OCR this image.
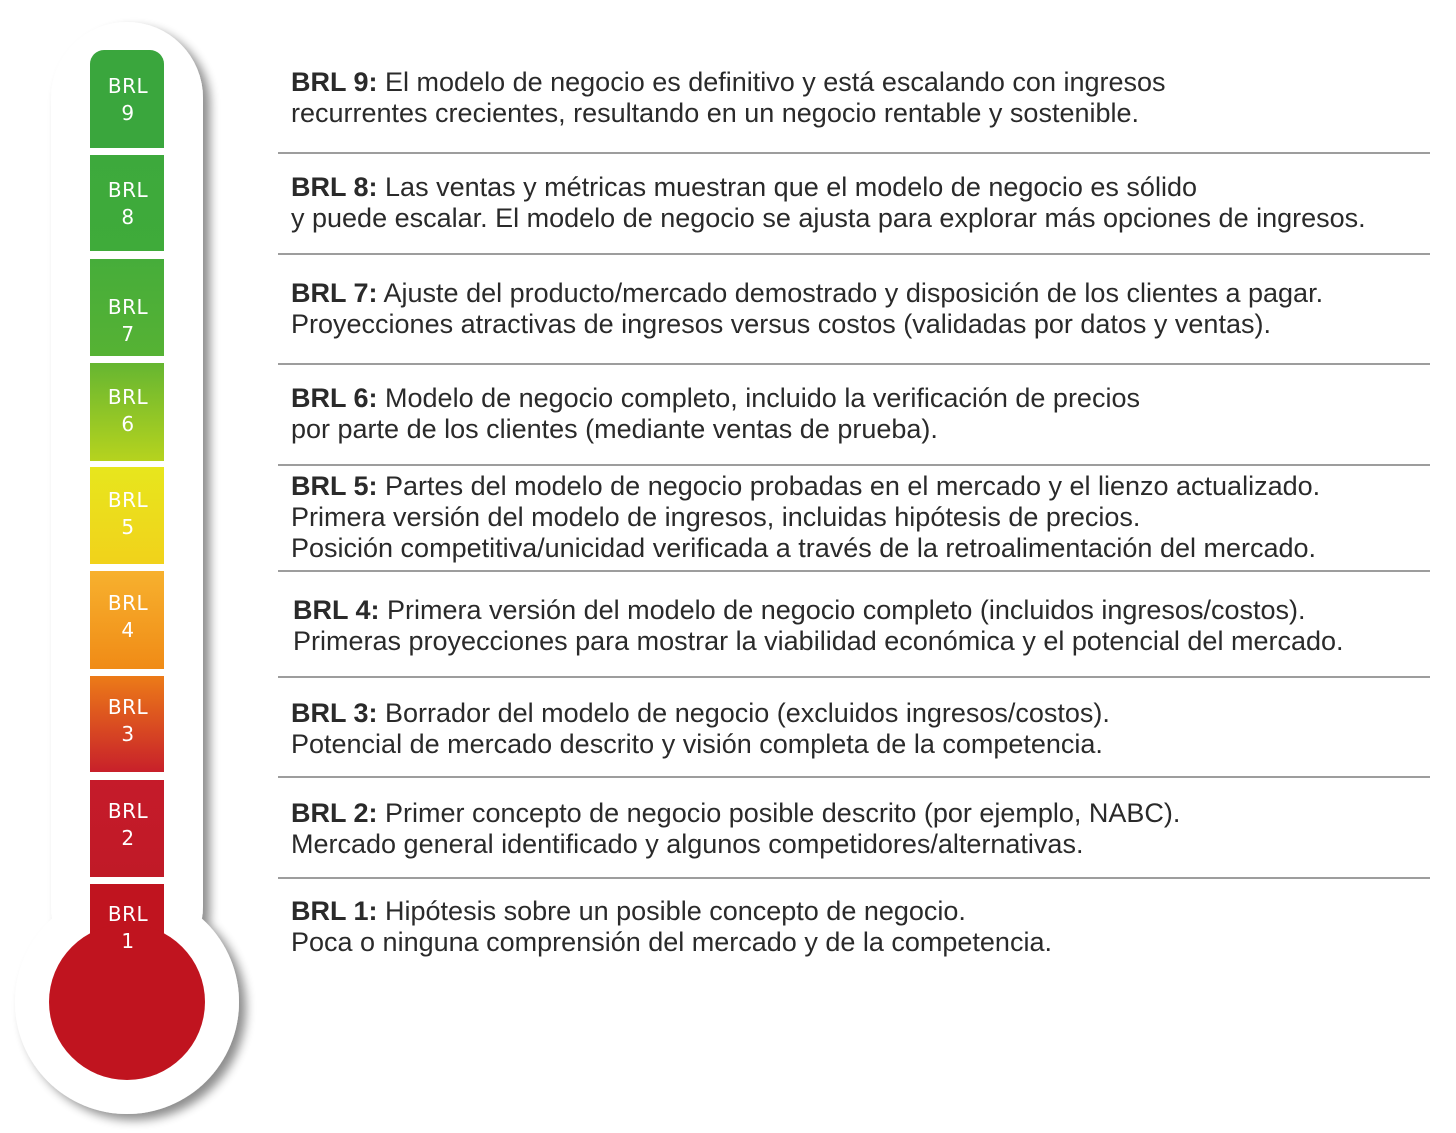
BRL
9
BRL
8
BRL
7
BRL
6
BRL
5
BRL
4
BRL
3
BRL
2
BRL
1
BRL 9: El modelo de negocio es definitivo y está escalando con ingresos
recurrentes crecientes, resultando en un negocio rentable y sostenible.
BRL 8: Las ventas y métricas muestran que el modelo de negocio es sólido
y puede escalar. El modelo de negocio se ajusta para explorar más opciones de ingresos.
BRL 7: Ajuste del producto/mercado demostrado y disposición de los clientes a pagar.
Proyecciones atractivas de ingresos versus costos (validadas por datos y ventas).
BRL 6: Modelo de negocio completo, incluido la verificación de precios
por parte de los clientes (mediante ventas de prueba).
BRL 5: Partes del modelo de negocio probadas en el mercado y el lienzo actualizado.
Primera versión del modelo de ingresos, incluidas hipótesis de precios.
Posición competitiva/unicidad verificada a través de la retroalimentación del mercado.
BRL 4: Primera versión del modelo de negocio completo (incluidos ingresos/costos).
Primeras proyecciones para mostrar la viabilidad económica y el potencial del mercado.
BRL 3: Borrador del modelo de negocio (excluidos ingresos/costos).
Potencial de mercado descrito y visión completa de la competencia.
BRL 2: Primer concepto de negocio posible descrito (por ejemplo, NABC).
Mercado general identificado y algunos competidores/alternativas.
BRL 1: Hipótesis sobre un posible concepto de negocio.
Poca o ninguna comprensión del mercado y de la competencia.
